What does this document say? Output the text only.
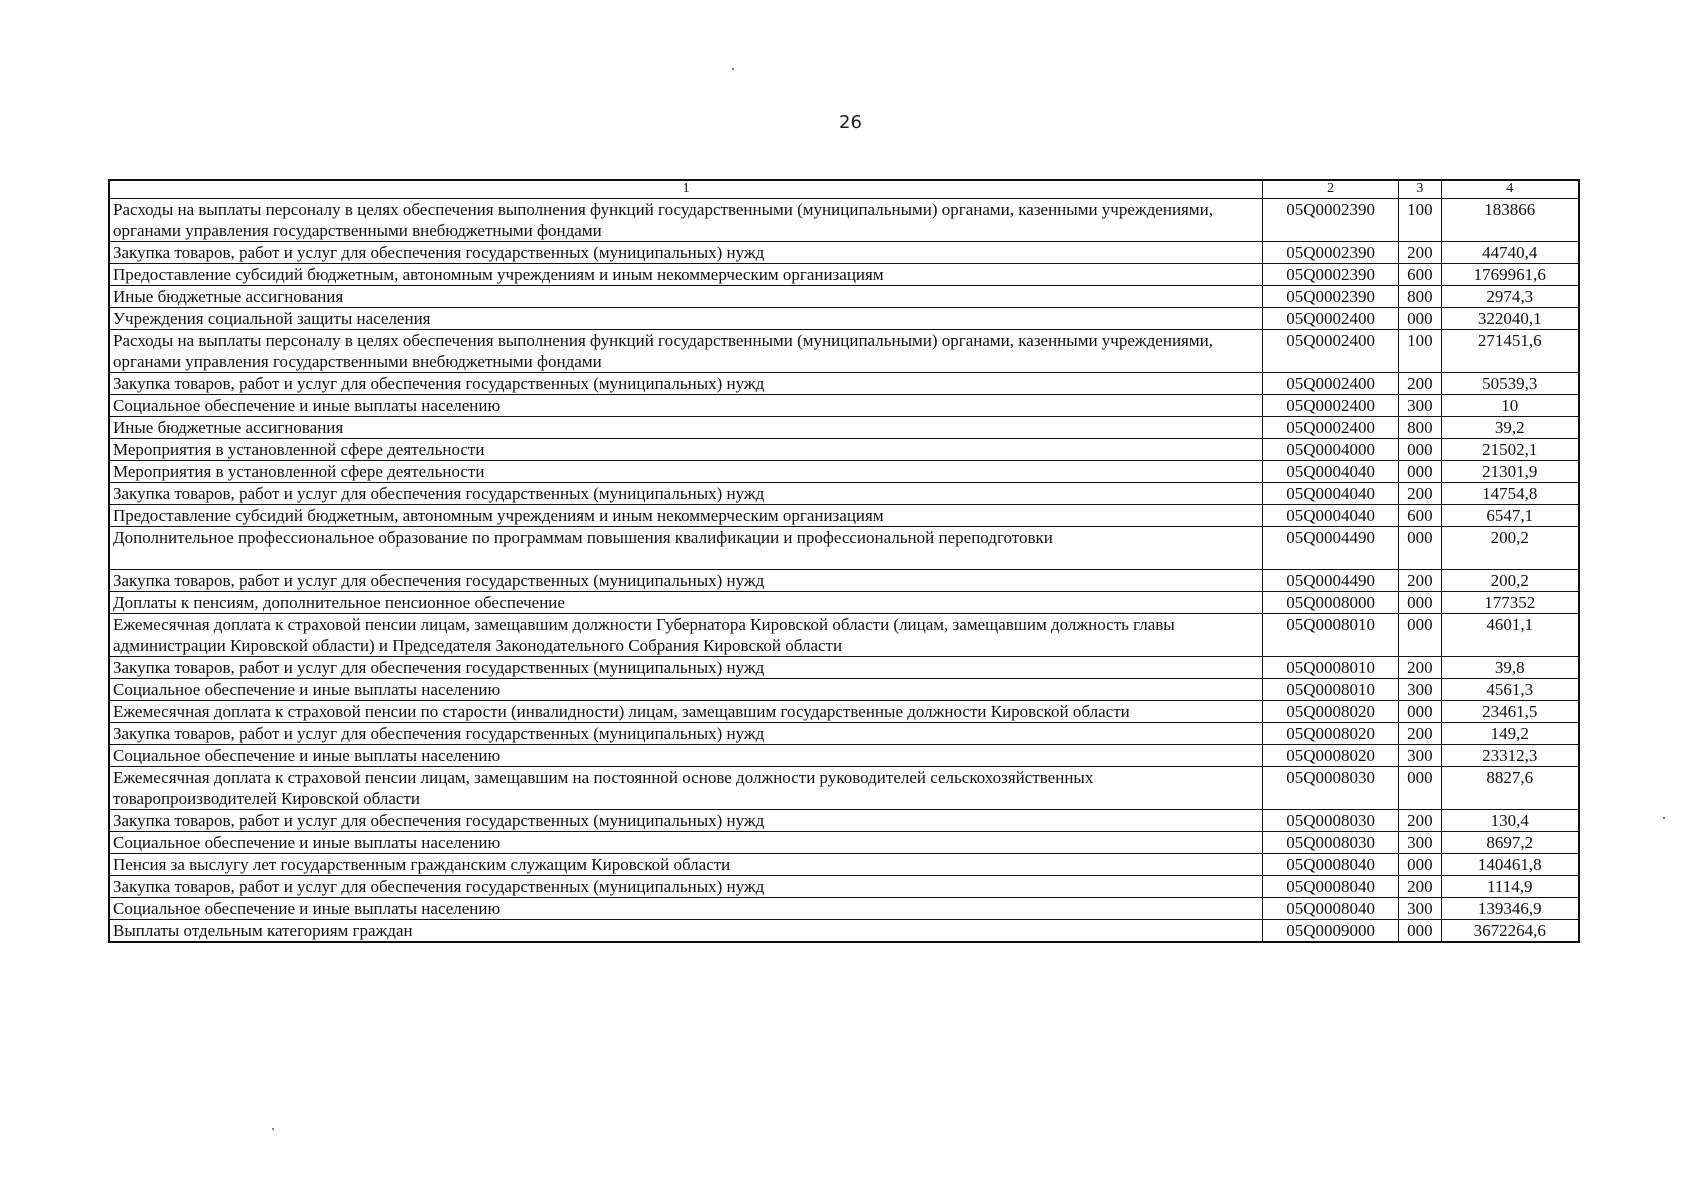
26
1	2	3	4
Расходы на выплаты персоналу в целях обеспечения выполнения функций государственными (муниципальными) органами, казенными учреждениями, органами управления государственными внебюджетными фондами	05Q0002390	100	183866
Закупка товаров, работ и услуг для обеспечения государственных (муниципальных) нужд	05Q0002390	200	44740,4
Предоставление субсидий бюджетным, автономным учреждениям и иным некоммерческим организациям	05Q0002390	600	1769961,6
Иные бюджетные ассигнования	05Q0002390	800	2974,3
Учреждения социальной защиты населения	05Q0002400	000	322040,1
Расходы на выплаты персоналу в целях обеспечения выполнения функций государственными (муниципальными) органами, казенными учреждениями, органами управления государственными внебюджетными фондами	05Q0002400	100	271451,6
Закупка товаров, работ и услуг для обеспечения государственных (муниципальных) нужд	05Q0002400	200	50539,3
Социальное обеспечение и иные выплаты населению	05Q0002400	300	10
Иные бюджетные ассигнования	05Q0002400	800	39,2
Мероприятия в установленной сфере деятельности	05Q0004000	000	21502,1
Мероприятия в установленной сфере деятельности	05Q0004040	000	21301,9
Закупка товаров, работ и услуг для обеспечения государственных (муниципальных) нужд	05Q0004040	200	14754,8
Предоставление субсидий бюджетным, автономным учреждениям и иным некоммерческим организациям	05Q0004040	600	6547,1
Дополнительное профессиональное образование по программам повышения квалификации и профессиональной переподготовки	05Q0004490	000	200,2
Закупка товаров, работ и услуг для обеспечения государственных (муниципальных) нужд	05Q0004490	200	200,2
Доплаты к пенсиям, дополнительное пенсионное обеспечение	05Q0008000	000	177352
Ежемесячная доплата к страховой пенсии лицам, замещавшим должности Губернатора Кировской области (лицам, замещавшим должность главы администрации Кировской области) и Председателя Законодательного Собрания Кировской области	05Q0008010	000	4601,1
Закупка товаров, работ и услуг для обеспечения государственных (муниципальных) нужд	05Q0008010	200	39,8
Социальное обеспечение и иные выплаты населению	05Q0008010	300	4561,3
Ежемесячная доплата к страховой пенсии по старости (инвалидности) лицам, замещавшим государственные должности Кировской области	05Q0008020	000	23461,5
Закупка товаров, работ и услуг для обеспечения государственных (муниципальных) нужд	05Q0008020	200	149,2
Социальное обеспечение и иные выплаты населению	05Q0008020	300	23312,3
Ежемесячная доплата к страховой пенсии лицам, замещавшим на постоянной основе должности руководителей сельскохозяйственных товаропроизводителей Кировской области	05Q0008030	000	8827,6
Закупка товаров, работ и услуг для обеспечения государственных (муниципальных) нужд	05Q0008030	200	130,4
Социальное обеспечение и иные выплаты населению	05Q0008030	300	8697,2
Пенсия за выслугу лет государственным гражданским служащим Кировской области	05Q0008040	000	140461,8
Закупка товаров, работ и услуг для обеспечения государственных (муниципальных) нужд	05Q0008040	200	1114,9
Социальное обеспечение и иные выплаты населению	05Q0008040	300	139346,9
Выплаты отдельным категориям граждан	05Q0009000	000	3672264,6
